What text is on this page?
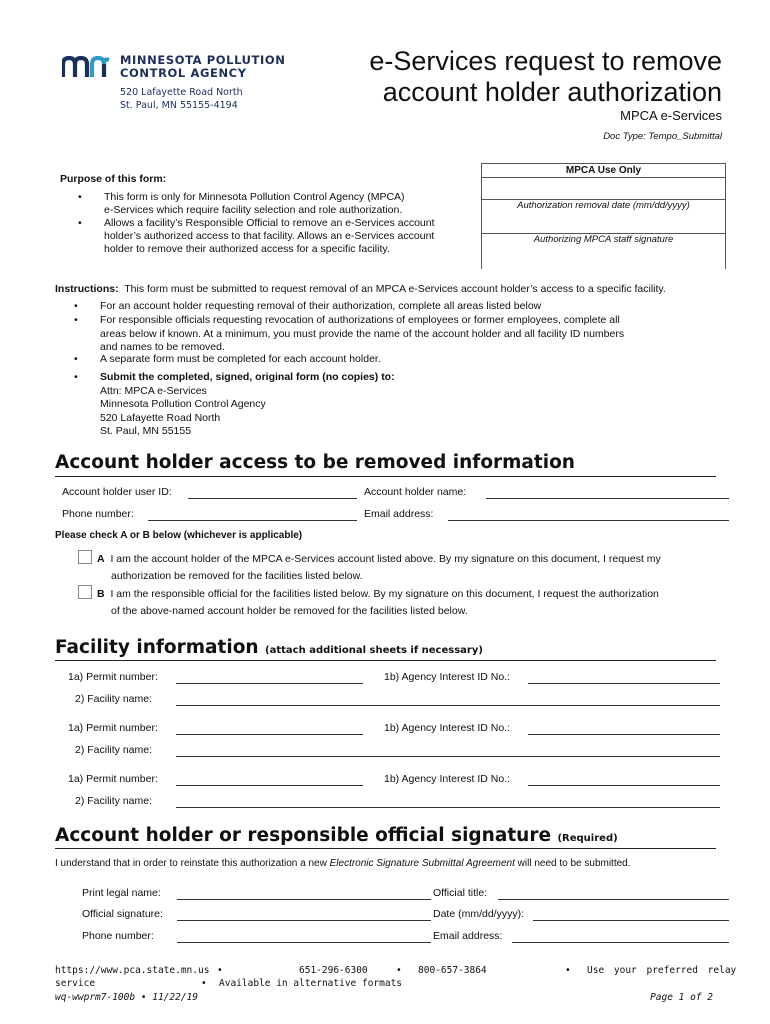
MINNESOTA POLLUTION
CONTROL AGENCY
520 Lafayette Road North
St. Paul, MN 55155-4194
e-Services request to remove
account holder authorization
MPCA e-Services
Doc Type: Tempo_Submittal
Purpose of this form:
• This form is only for Minnesota Pollution Control Agency (MPCA)
e-Services which require facility selection and role authorization.
• Allows a facility’s Responsible Official to remove an e-Services account
holder’s authorized access to that facility. Allows an e-Services account
holder to remove their authorized access for a specific facility.
MPCA Use Only
Authorization removal date (mm/dd/yyyy)
Authorizing MPCA staff signature
Instructions: This form must be submitted to request removal of an MPCA e-Services account holder’s access to a specific facility.
• For an account holder requesting removal of their authorization, complete all areas listed below
• For responsible officials requesting revocation of authorizations of employees or former employees, complete all
areas below if known. At a minimum, you must provide the name of the account holder and all facility ID numbers
and names to be removed.
• A separate form must be completed for each account holder.
• Submit the completed, signed, original form (no copies) to:
Attn: MPCA e-Services
Minnesota Pollution Control Agency
520 Lafayette Road North
St. Paul, MN 55155
Account holder access to be removed information
Account holder user ID:	Account holder name:
Phone number:	Email address:
Please check A or B below (whichever is applicable)
A I am the account holder of the MPCA e-Services account listed above. By my signature on this document, I request my
authorization be removed for the facilities listed below.
B I am the responsible official for the facilities listed below. By my signature on this document, I request the authorization
of the above-named account holder be removed for the facilities listed below.
Facility information (attach additional sheets if necessary)
1a) Permit number:	1b) Agency Interest ID No.:
2) Facility name:
1a) Permit number:	1b) Agency Interest ID No.:
2) Facility name:
1a) Permit number:	1b) Agency Interest ID No.:
2) Facility name:
Account holder or responsible official signature (Required)
I understand that in order to reinstate this authorization a new Electronic Signature Submittal Agreement will need to be submitted.
Print legal name:	Official title:
Official signature:	Date (mm/dd/yyyy):
Phone number:	Email address:
https://www.pca.state.mn.us •	651-296-6300	• 800-657-3864	• Use your preferred relay
service	• Available in alternative formats
wq-wwprm7-100b • 11/22/19	Page 1 of 2
